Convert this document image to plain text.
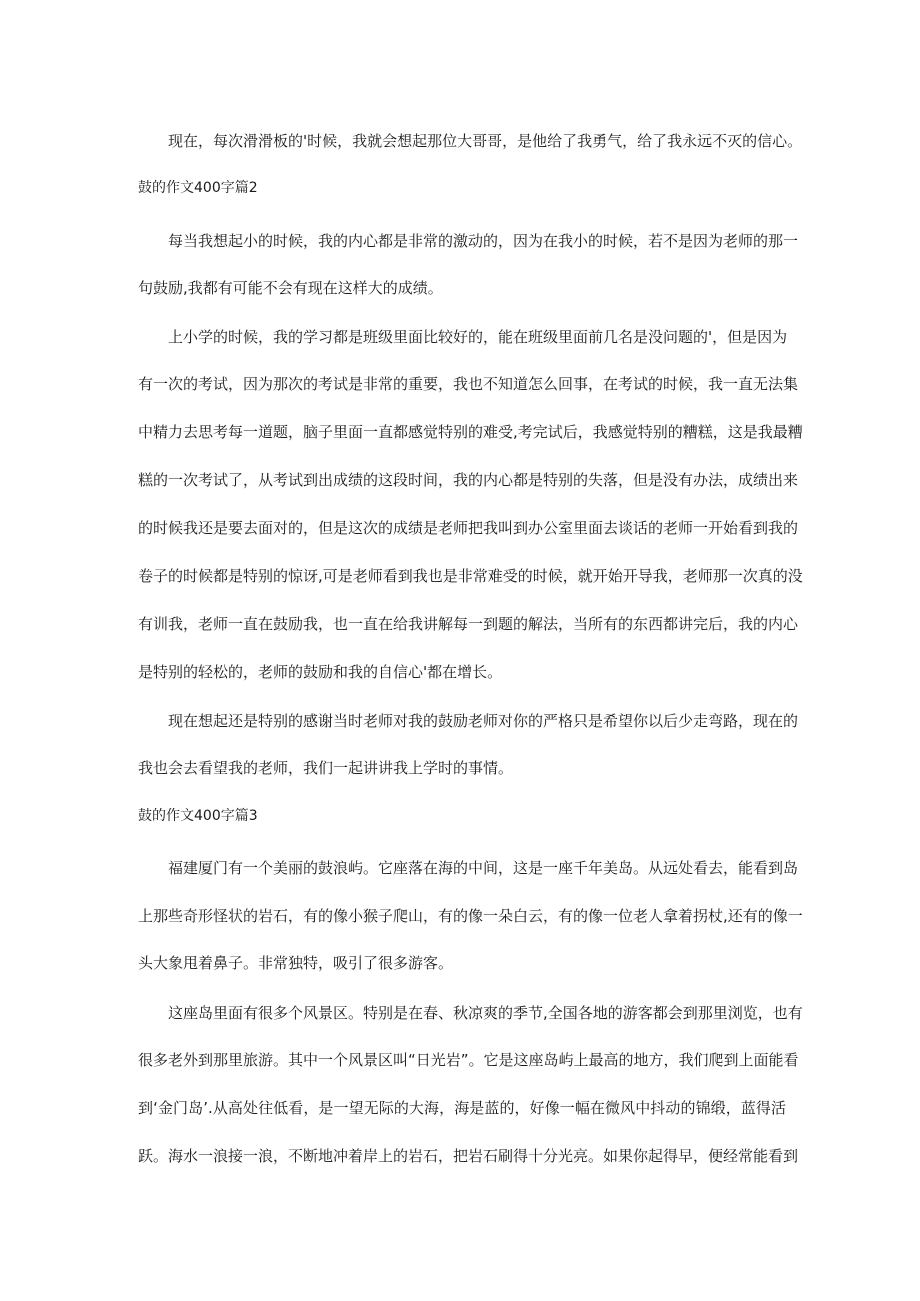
现在，每次滑滑板的'时候，我就会想起那位大哥哥，是他给了我勇气，给了我永远不灭的信心。
鼓的作文400字篇2
每当我想起小的时候，我的内心都是非常的激动的，因为在我小的时候，若不是因为老师的那一
句鼓励,我都有可能不会有现在这样大的成绩。
上小学的时候，我的学习都是班级里面比较好的，能在班级里面前几名是没问题的'，但是因为
有一次的考试，因为那次的考试是非常的重要，我也不知道怎么回事，在考试的时候，我一直无法集
中精力去思考每一道题，脑子里面一直都感觉特别的难受,考完试后，我感觉特别的糟糕，这是我最糟
糕的一次考试了，从考试到出成绩的这段时间，我的内心都是特别的失落，但是没有办法，成绩出来
的时候我还是要去面对的，但是这次的成绩是老师把我叫到办公室里面去谈话的老师一开始看到我的
卷子的时候都是特别的惊讶,可是老师看到我也是非常难受的时候，就开始开导我，老师那一次真的没
有训我，老师一直在鼓励我，也一直在给我讲解每一到题的解法，当所有的东西都讲完后，我的内心
是特别的轻松的，老师的鼓励和我的自信心'都在增长。
现在想起还是特别的感谢当时老师对我的鼓励老师对你的严格只是希望你以后少走弯路，现在的
我也会去看望我的老师，我们一起讲讲我上学时的事情。
鼓的作文400字篇3
福建厦门有一个美丽的鼓浪屿。它座落在海的中间，这是一座千年美岛。从远处看去，能看到岛
上那些奇形怪状的岩石，有的像小猴子爬山，有的像一朵白云，有的像一位老人拿着拐杖,还有的像一
头大象甩着鼻子。非常独特，吸引了很多游客。
这座岛里面有很多个风景区。特别是在春、秋凉爽的季节,全国各地的游客都会到那里浏览，也有
很多老外到那里旅游。其中一个风景区叫“日光岩”。它是这座岛屿上最高的地方，我们爬到上面能看
到‘金门岛’.从高处往低看，是一望无际的大海，海是蓝的，好像一幅在微风中抖动的锦缎，蓝得活
跃。海水一浪接一浪，不断地冲着岸上的岩石，把岩石刷得十分光亮。如果你起得早，便经常能看到
